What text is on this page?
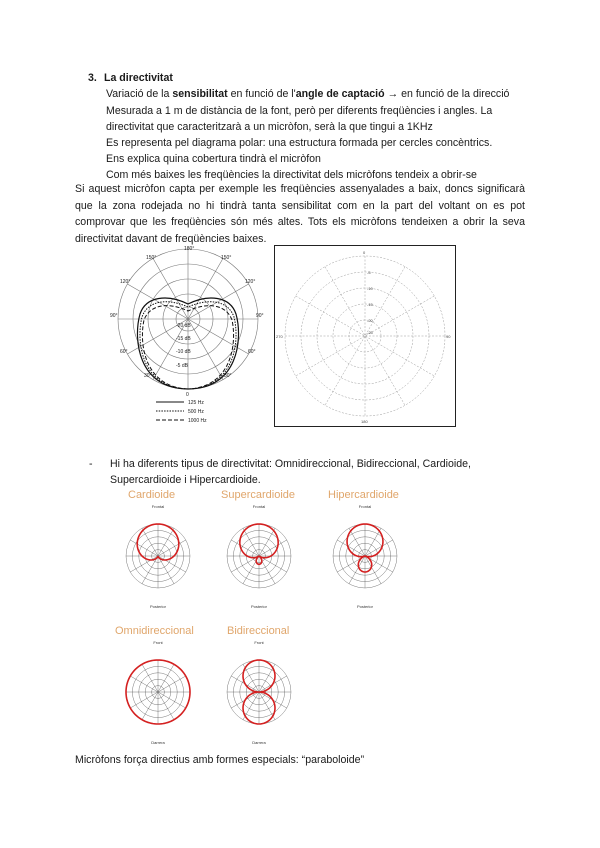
3. La directivitat
Variació de la sensibilitat en funció de l'angle de captació → en funció de la direcció
Mesurada a 1 m de distància de la font, però per diferents freqüències i angles. La
directivitat que caracteritzarà a un micròfon, serà la que tingui a 1KHz
Es representa pel diagrama polar: una estructura formada per cercles concèntrics.
Ens explica quina cobertura tindrà el micròfon
Com més baixes les freqüències la directivitat dels micròfons tendeix a obrir-se
Si aquest micròfon capta per exemple les freqüències assenyalades a baix, doncs significarà que la zona rodejada no hi tindrà tanta sensibilitat com en la part del voltant on es pot comprovar que les freqüències són més altes. Tots els micròfons tendeixen a obrir la seva directivitat davant de freqüències baixes.
180°
150°	150°
120°	120°
90°	90°
60°	60°
30°	30°
0
-20 dB
-15 dB
-10 dB
-5 dB
125 Hz
500 Hz
1000 Hz
0
90
270
180
-5
-10
-15
-20
-25
- Hi ha diferents tipus de directivitat: Omnidireccional, Bidireccional, Cardioide,
Supercardioide i Hipercardioide.
Cardioide	Supercardioide	Hipercardioide
Omnidireccional	Bidireccional
Frontal
Posterior
Frontal
Posterior
Frontal
Posterior
Front
Darrera
Front
Darrera
Micròfons força directius amb formes especials: “paraboloide”
